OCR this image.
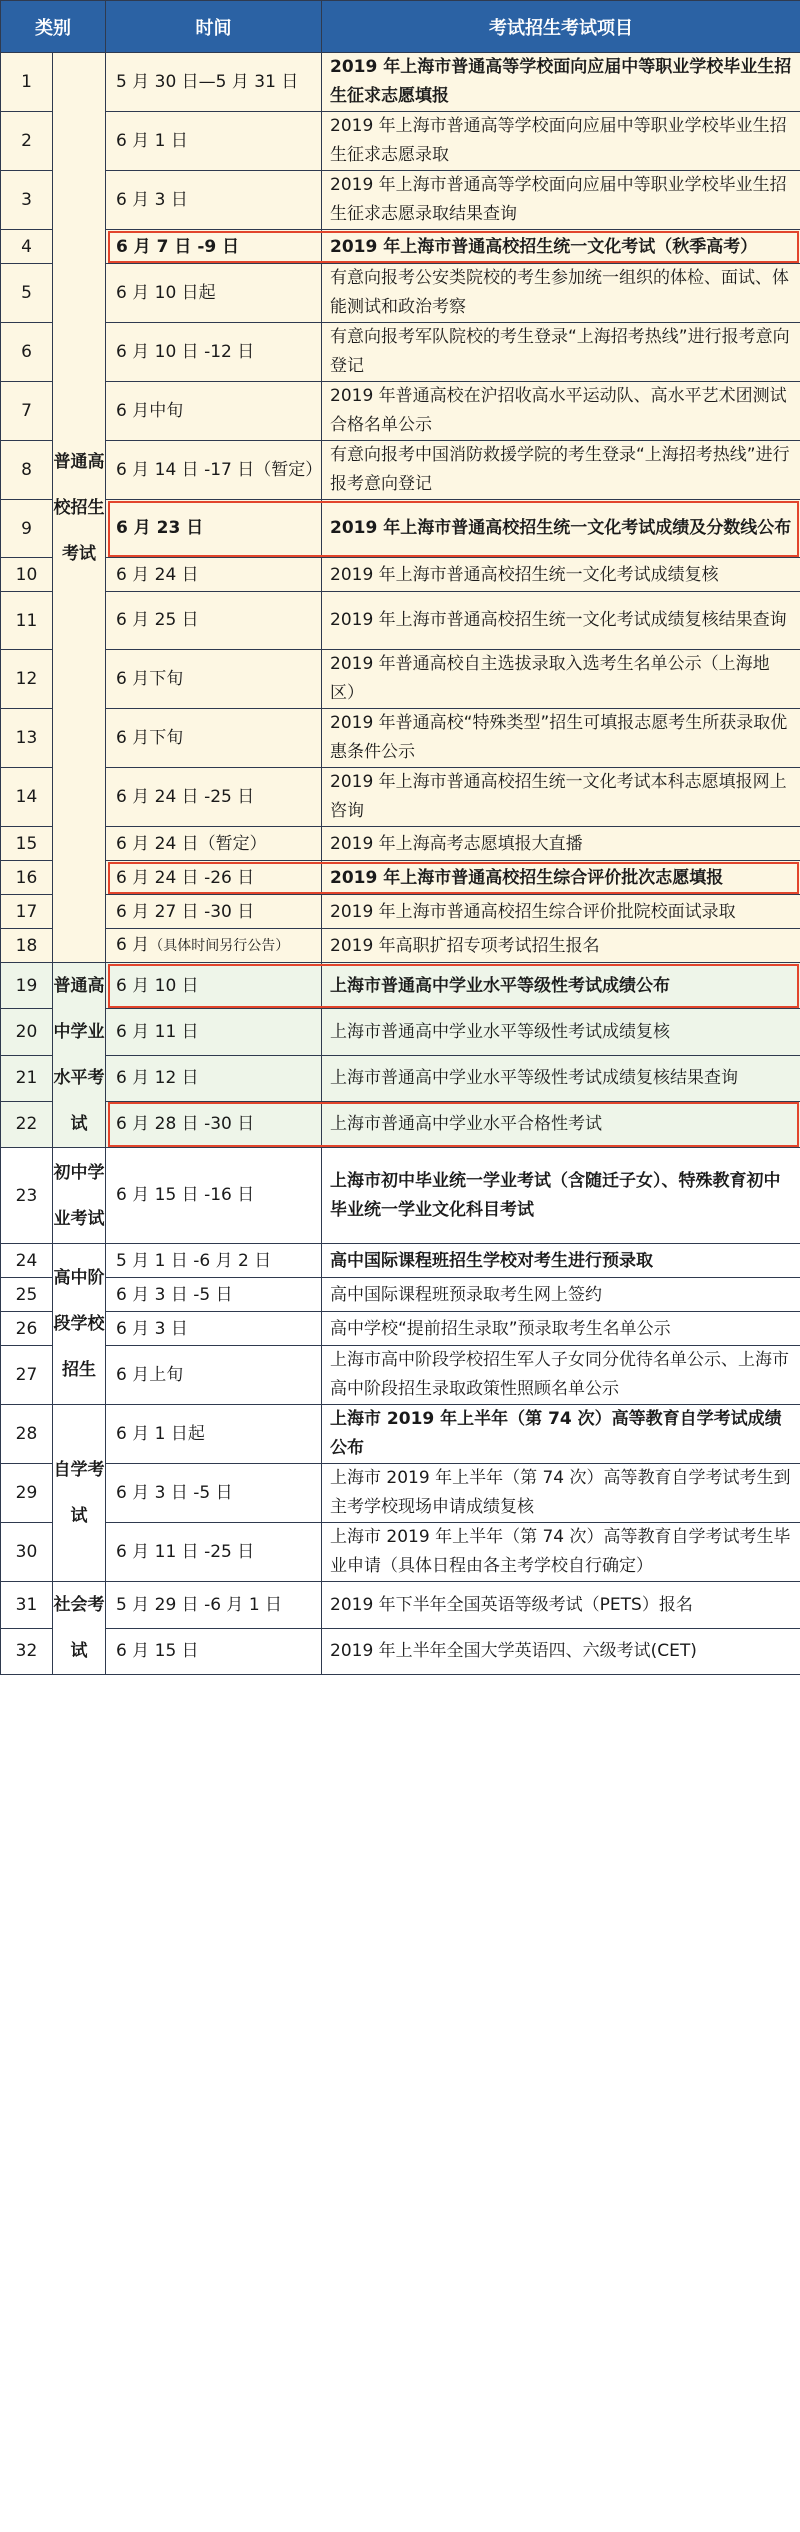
类别		时间	考试招生考试项目
1	普通高校招生考试	5 月 30 日—5 月 31 日	2019 年上海市普通高等学校面向应届中等职业学校毕业生招生征求志愿填报
2		6 月 1 日	2019 年上海市普通高等学校面向应届中等职业学校毕业生招生征求志愿录取
3		6 月 3 日	2019 年上海市普通高等学校面向应届中等职业学校毕业生招生征求志愿录取结果查询
4		6 月 7 日 -9 日	2019 年上海市普通高校招生统一文化考试（秋季高考）
5		6 月 10 日起	有意向报考公安类院校的考生参加统一组织的体检、面试、体能测试和政治考察
6		6 月 10 日 -12 日	有意向报考军队院校的考生登录“上海招考热线”进行报考意向登记
7		6 月中旬	2019 年普通高校在沪招收高水平运动队、高水平艺术团测试合格名单公示
8		6 月 14 日 -17 日（暂定）	有意向报考中国消防救援学院的考生登录“上海招考热线”进行报考意向登记
9		6 月 23 日	2019 年上海市普通高校招生统一文化考试成绩及分数线公布
10		6 月 24 日	2019 年上海市普通高校招生统一文化考试成绩复核
11		6 月 25 日	2019 年上海市普通高校招生统一文化考试成绩复核结果查询
12		6 月下旬	2019 年普通高校自主选拔录取入选考生名单公示（上海地区）
13		6 月下旬	2019 年普通高校“特殊类型”招生可填报志愿考生所获录取优惠条件公示
14		6 月 24 日 -25 日	2019 年上海市普通高校招生统一文化考试本科志愿填报网上咨询
15		6 月 24 日（暂定）	2019 年上海高考志愿填报大直播
16		6 月 24 日 -26 日	2019 年上海市普通高校招生综合评价批次志愿填报
17		6 月 27 日 -30 日	2019 年上海市普通高校招生综合评价批院校面试录取
18		6 月（具体时间另行公告）	2019 年高职扩招专项考试招生报名
19	普通高中学业水平考试	6 月 10 日	上海市普通高中学业水平等级性考试成绩公布
20		6 月 11 日	上海市普通高中学业水平等级性考试成绩复核
21		6 月 12 日	上海市普通高中学业水平等级性考试成绩复核结果查询
22		6 月 28 日 -30 日	上海市普通高中学业水平合格性考试
23	初中学业考试	6 月 15 日 -16 日	上海市初中毕业统一学业考试（含随迁子女）、特殊教育初中毕业统一学业文化科目考试
24	高中阶段学校招生	5 月 1 日 -6 月 2 日	高中国际课程班招生学校对考生进行预录取
25		6 月 3 日 -5 日	高中国际课程班预录取考生网上签约
26		6 月 3 日	高中学校“提前招生录取”预录取考生名单公示
27		6 月上旬	上海市高中阶段学校招生军人子女同分优待名单公示、上海市高中阶段招生录取政策性照顾名单公示
28	自学考试	6 月 1 日起	上海市 2019 年上半年（第 74 次）高等教育自学考试成绩公布
29		6 月 3 日 -5 日	上海市 2019 年上半年（第 74 次）高等教育自学考试考生到主考学校现场申请成绩复核
30		6 月 11 日 -25 日	上海市 2019 年上半年（第 74 次）高等教育自学考试考生毕业申请（具体日程由各主考学校自行确定）
31	社会考试	5 月 29 日 -6 月 1 日	2019 年下半年全国英语等级考试（PETS）报名
32		6 月 15 日	2019 年上半年全国大学英语四、六级考试(CET)
